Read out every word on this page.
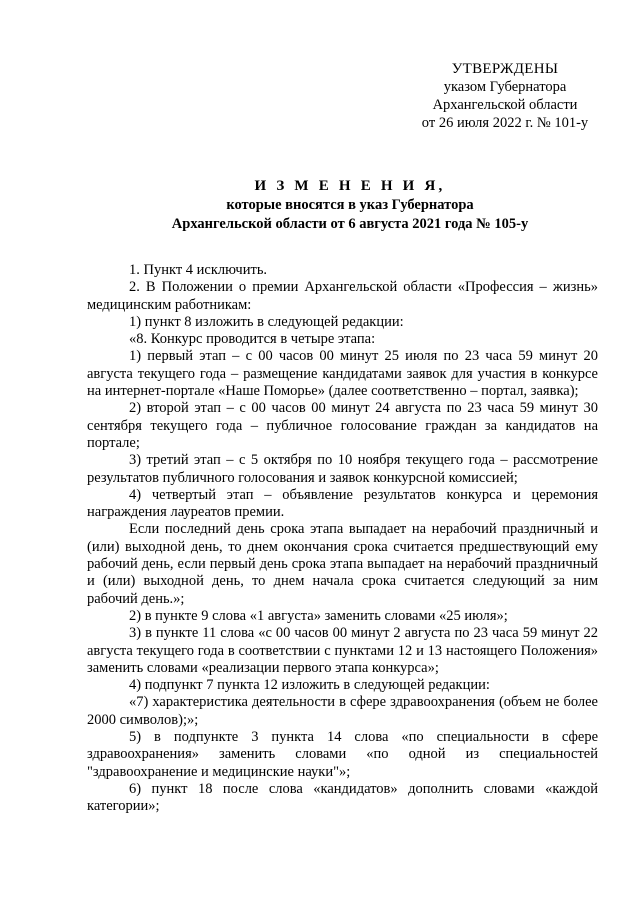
УТВЕРЖДЕНЫ
указом Губернатора
Архангельской области
от 26 июля 2022 г. № 101-у
И З М Е Н Е Н И Я,
которые вносятся в указ Губернатора
Архангельской области от 6 августа 2021 года № 105-у

1. Пункт 4 исключить.

2. В Положении о премии Архангельской области «Профессия – жизнь» медицинским работникам:

1) пункт 8 изложить в следующей редакции:

«8. Конкурс проводится в четыре этапа:

1) первый этап – с 00 часов 00 минут 25 июля по 23 часа 59 минут 20 августа текущего года – размещение кандидатами заявок для участия в конкурсе на интернет-портале «Наше Поморье» (далее соответственно – портал, заявка);

2) второй этап – с 00 часов 00 минут 24 августа по 23 часа 59 минут 30 сентября текущего года – публичное голосование граждан за кандидатов на портале;

3) третий этап – с 5 октября по 10 ноября текущего года – рассмотрение результатов публичного голосования и заявок конкурсной комиссией;

4) четвертый этап – объявление результатов конкурса и церемония награждения лауреатов премии.

Если последний день срока этапа выпадает на нерабочий праздничный и (или) выходной день, то днем окончания срока считается предшествующий ему рабочий день, если первый день срока этапа выпадает на нерабочий праздничный и (или) выходной день, то днем начала срока считается следующий за ним рабочий день.»;

2) в пункте 9 слова «1 августа» заменить словами «25 июля»;

3) в пункте 11 слова «с 00 часов 00 минут 2 августа по 23 часа 59 минут 22 августа текущего года в соответствии с пунктами 12 и 13 настоящего Положения» заменить словами «реализации первого этапа конкурса»;

4) подпункт 7 пункта 12 изложить в следующей редакции:

«7) характеристика деятельности в сфере здравоохранения (объем не более 2000 символов);»;

5) в подпункте 3 пункта 14 слова «по специальности в сфере здравоохранения» заменить словами «по одной из специальностей "здравоохранение и медицинские науки"»;

6) пункт 18 после слова «кандидатов» дополнить словами «каждой категории»;
